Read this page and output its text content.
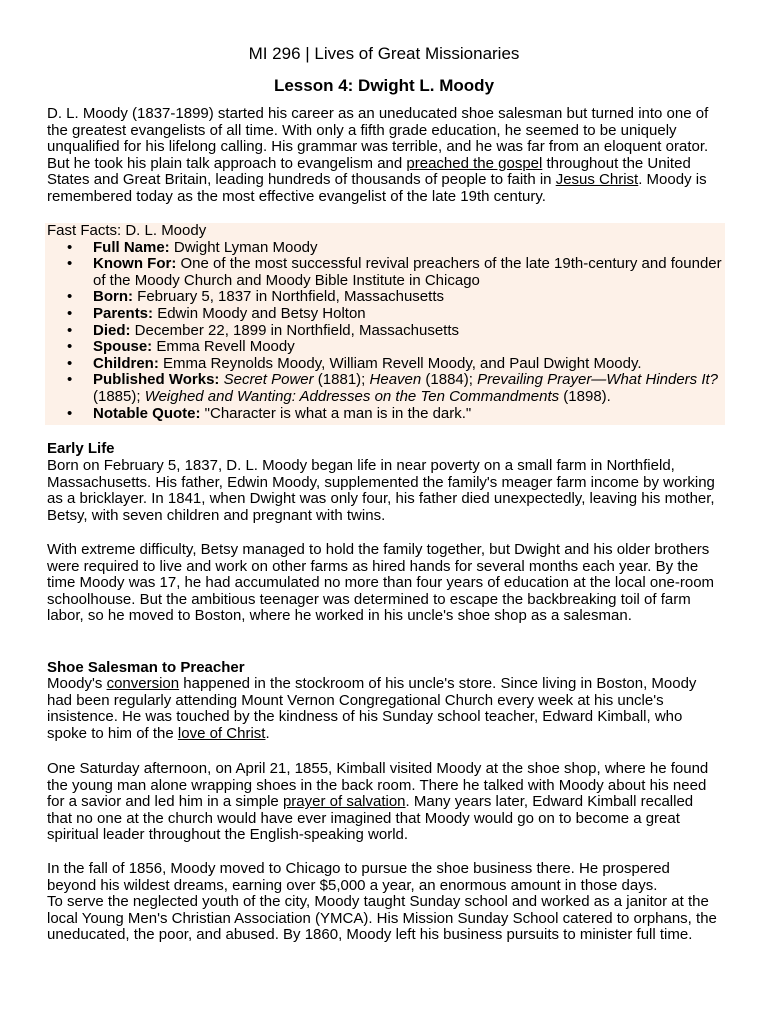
MI 296 | Lives of Great Missionaries
Lesson 4: Dwight L. Moody

D. L. Moody (1837-1899) started his career as an uneducated shoe salesman but turned into one of the greatest evangelists of all time. With only a fifth grade education, he seemed to be uniquely unqualified for his lifelong calling. His grammar was terrible, and he was far from an eloquent orator. But he took his plain talk approach to evangelism and preached the gospel throughout the United States and Great Britain, leading hundreds of thousands of people to faith in Jesus Christ. Moody is remembered today as the most effective evangelist of the late 19th century.

Fast Facts: D. L. Moody
• Full Name: Dwight Lyman Moody
• Known For: One of the most successful revival preachers of the late 19th-century and founder of the Moody Church and Moody Bible Institute in Chicago
• Born: February 5, 1837 in Northfield, Massachusetts
• Parents: Edwin Moody and Betsy Holton
• Died: December 22, 1899 in Northfield, Massachusetts
• Spouse: Emma Revell Moody
• Children: Emma Reynolds Moody, William Revell Moody, and Paul Dwight Moody.
• Published Works: Secret Power (1881); Heaven (1884); Prevailing Prayer—What Hinders It? (1885); Weighed and Wanting: Addresses on the Ten Commandments (1898).
• Notable Quote: "Character is what a man is in the dark."
Early Life

Born on February 5, 1837, D. L. Moody began life in near poverty on a small farm in Northfield, Massachusetts. His father, Edwin Moody, supplemented the family's meager farm income by working as a bricklayer. In 1841, when Dwight was only four, his father died unexpectedly, leaving his mother, Betsy, with seven children and pregnant with twins.

With extreme difficulty, Betsy managed to hold the family together, but Dwight and his older brothers were required to live and work on other farms as hired hands for several months each year. By the time Moody was 17, he had accumulated no more than four years of education at the local one-room schoolhouse. But the ambitious teenager was determined to escape the backbreaking toil of farm labor, so he moved to Boston, where he worked in his uncle's shoe shop as a salesman.

Shoe Salesman to Preacher

Moody's conversion happened in the stockroom of his uncle's store. Since living in Boston, Moody had been regularly attending Mount Vernon Congregational Church every week at his uncle's insistence. He was touched by the kindness of his Sunday school teacher, Edward Kimball, who spoke to him of the love of Christ.

One Saturday afternoon, on April 21, 1855, Kimball visited Moody at the shoe shop, where he found the young man alone wrapping shoes in the back room. There he talked with Moody about his need for a savior and led him in a simple prayer of salvation. Many years later, Edward Kimball recalled that no one at the church would have ever imagined that Moody would go on to become a great spiritual leader throughout the English-speaking world.

In the fall of 1856, Moody moved to Chicago to pursue the shoe business there. He prospered beyond his wildest dreams, earning over $5,000 a year, an enormous amount in those days.
To serve the neglected youth of the city, Moody taught Sunday school and worked as a janitor at the local Young Men's Christian Association (YMCA). His Mission Sunday School catered to orphans, the uneducated, the poor, and abused. By 1860, Moody left his business pursuits to minister full time.
